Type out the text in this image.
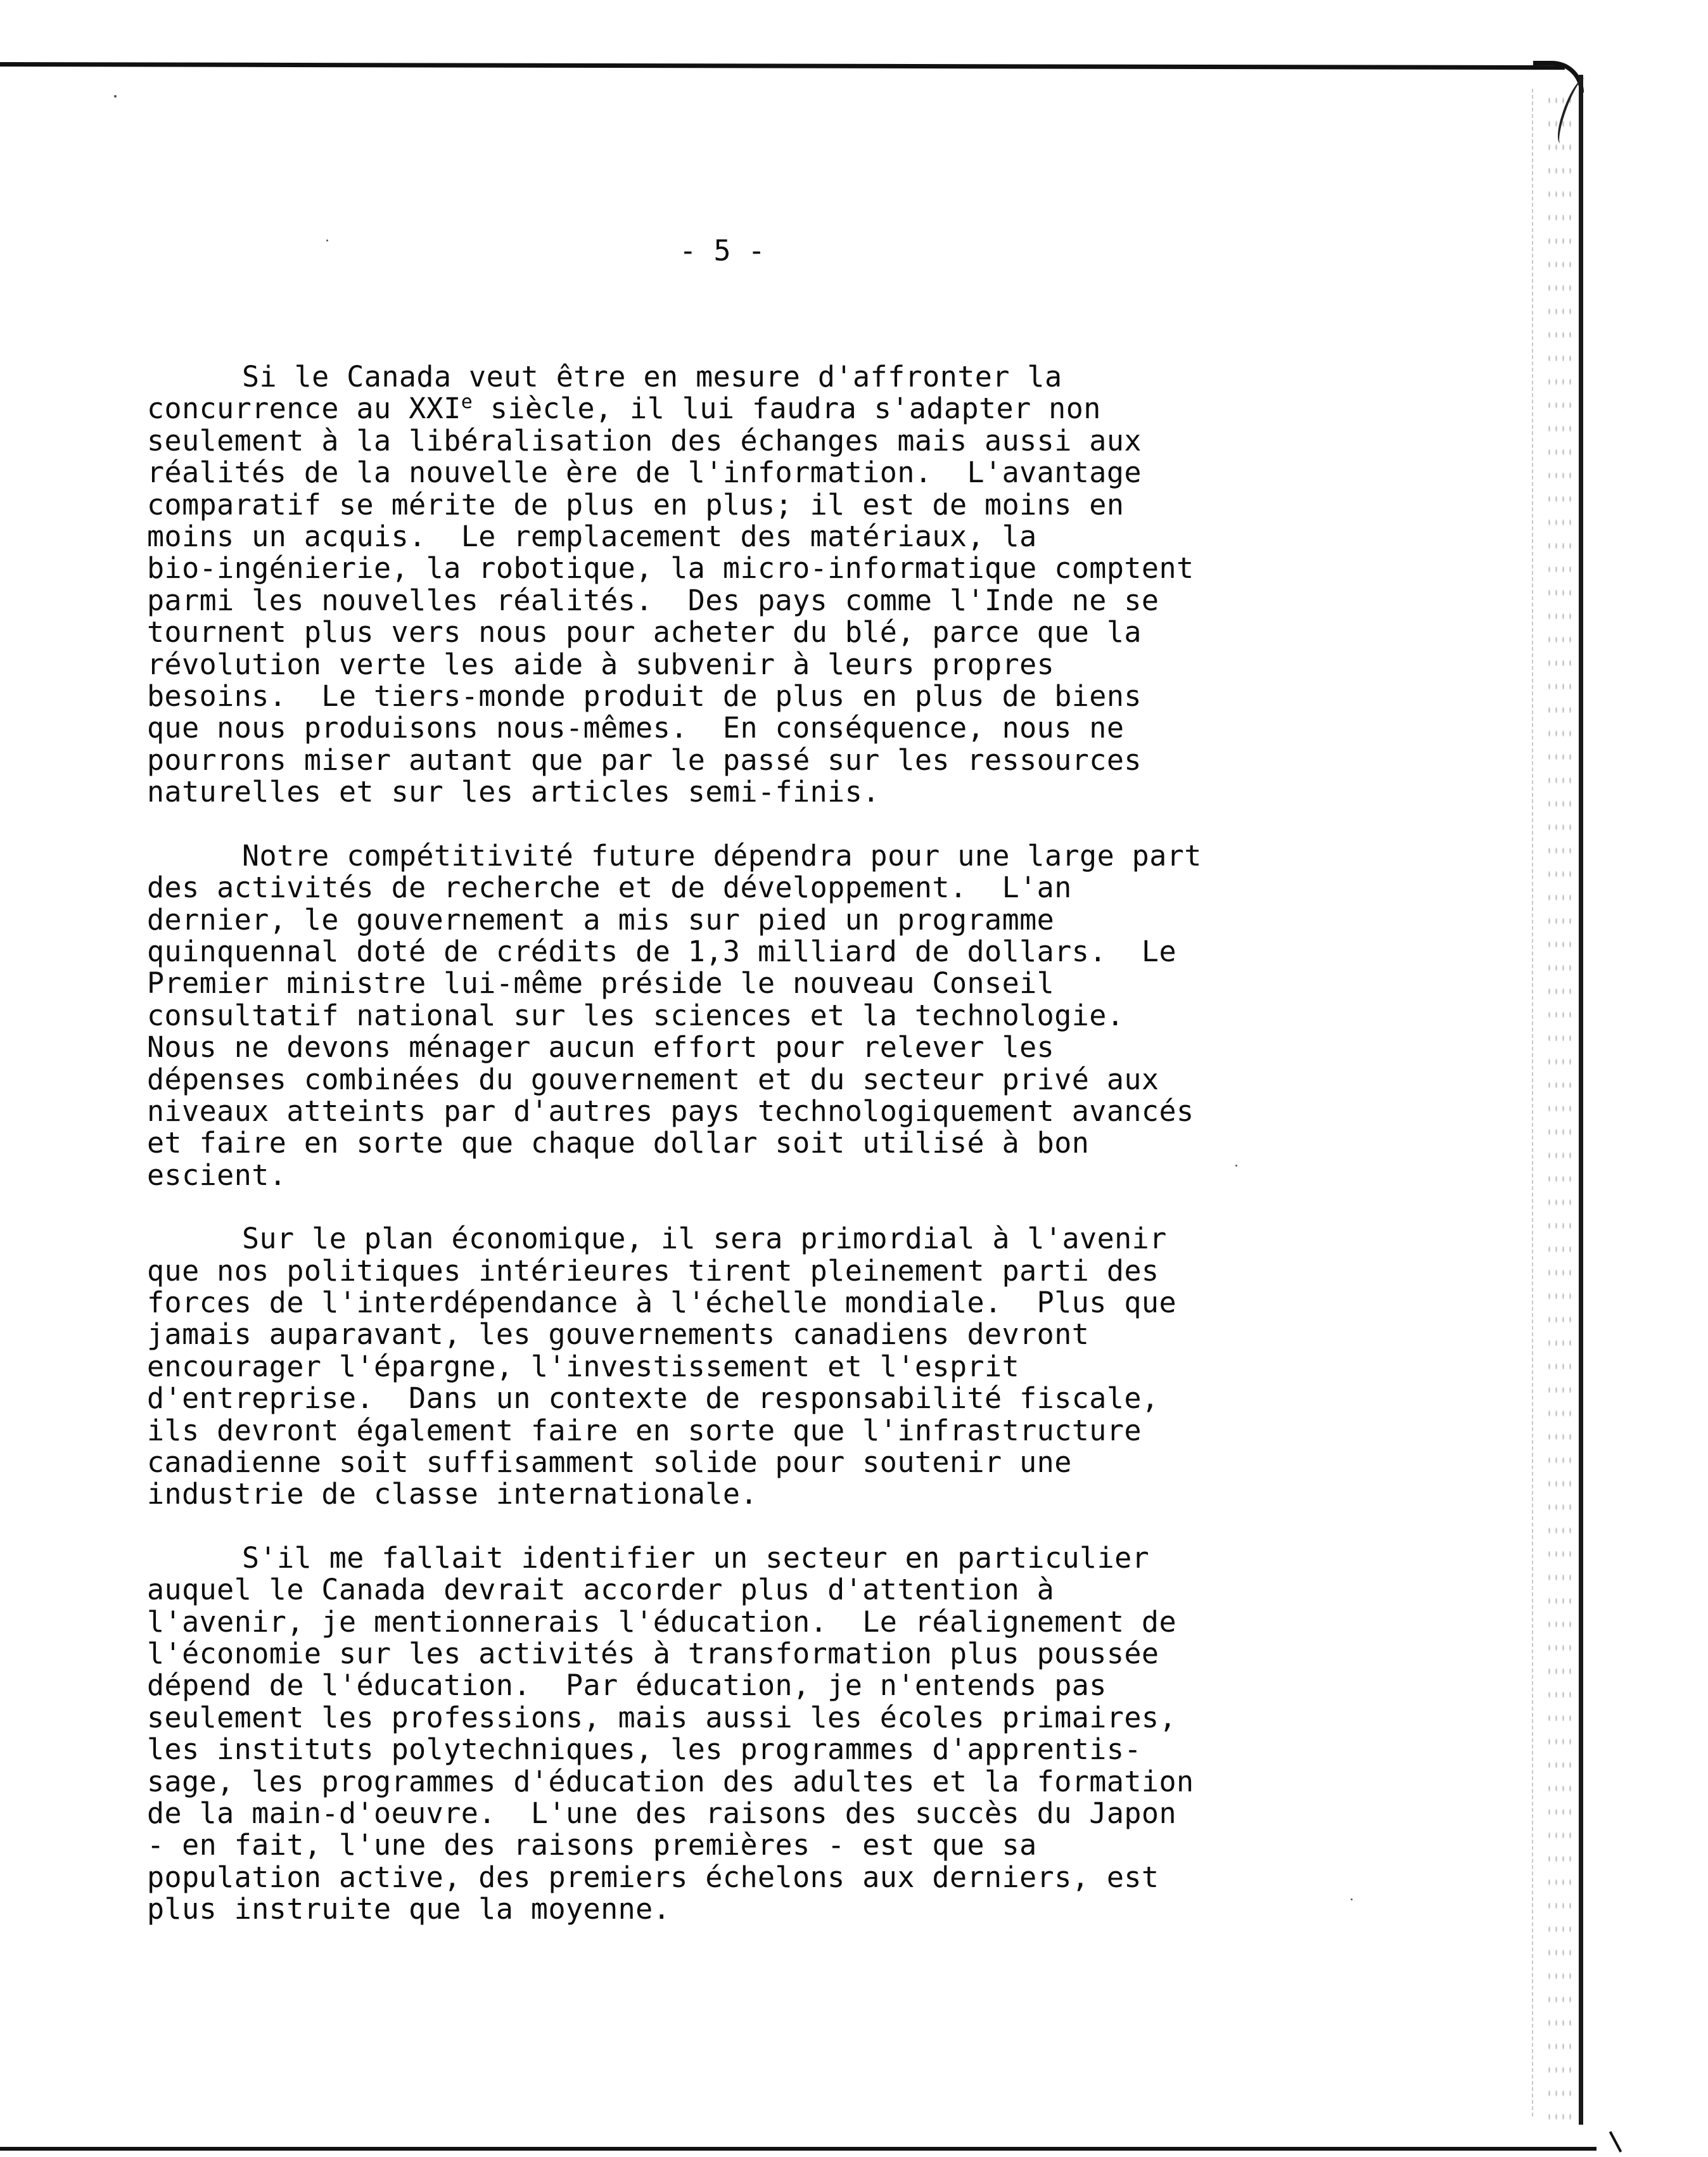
- 5 -

Si le Canada veut être en mesure d'affronter la
concurrence au XXIe siècle, il lui faudra s'adapter non
seulement à la libéralisation des échanges mais aussi aux
réalités de la nouvelle ère de l'information.  L'avantage
comparatif se mérite de plus en plus; il est de moins en
moins un acquis.  Le remplacement des matériaux, la
bio-ingénierie, la robotique, la micro-informatique comptent
parmi les nouvelles réalités.  Des pays comme l'Inde ne se
tournent plus vers nous pour acheter du blé, parce que la
révolution verte les aide à subvenir à leurs propres
besoins.  Le tiers-monde produit de plus en plus de biens
que nous produisons nous-mêmes.  En conséquence, nous ne
pourrons miser autant que par le passé sur les ressources
naturelles et sur les articles semi-finis.

Notre compétitivité future dépendra pour une large part
des activités de recherche et de développement.  L'an
dernier, le gouvernement a mis sur pied un programme
quinquennal doté de crédits de 1,3 milliard de dollars.  Le
Premier ministre lui-même préside le nouveau Conseil
consultatif national sur les sciences et la technologie.
Nous ne devons ménager aucun effort pour relever les
dépenses combinées du gouvernement et du secteur privé aux
niveaux atteints par d'autres pays technologiquement avancés
et faire en sorte que chaque dollar soit utilisé à bon
escient.

Sur le plan économique, il sera primordial à l'avenir
que nos politiques intérieures tirent pleinement parti des
forces de l'interdépendance à l'échelle mondiale.  Plus que
jamais auparavant, les gouvernements canadiens devront
encourager l'épargne, l'investissement et l'esprit
d'entreprise.  Dans un contexte de responsabilité fiscale,
ils devront également faire en sorte que l'infrastructure
canadienne soit suffisamment solide pour soutenir une
industrie de classe internationale.

S'il me fallait identifier un secteur en particulier
auquel le Canada devrait accorder plus d'attention à
l'avenir, je mentionnerais l'éducation.  Le réalignement de
l'économie sur les activités à transformation plus poussée
dépend de l'éducation.  Par éducation, je n'entends pas
seulement les professions, mais aussi les écoles primaires,
les instituts polytechniques, les programmes d'apprentis-
sage, les programmes d'éducation des adultes et la formation
de la main-d'oeuvre.  L'une des raisons des succès du Japon
- en fait, l'une des raisons premières - est que sa
population active, des premiers échelons aux derniers, est
plus instruite que la moyenne.
